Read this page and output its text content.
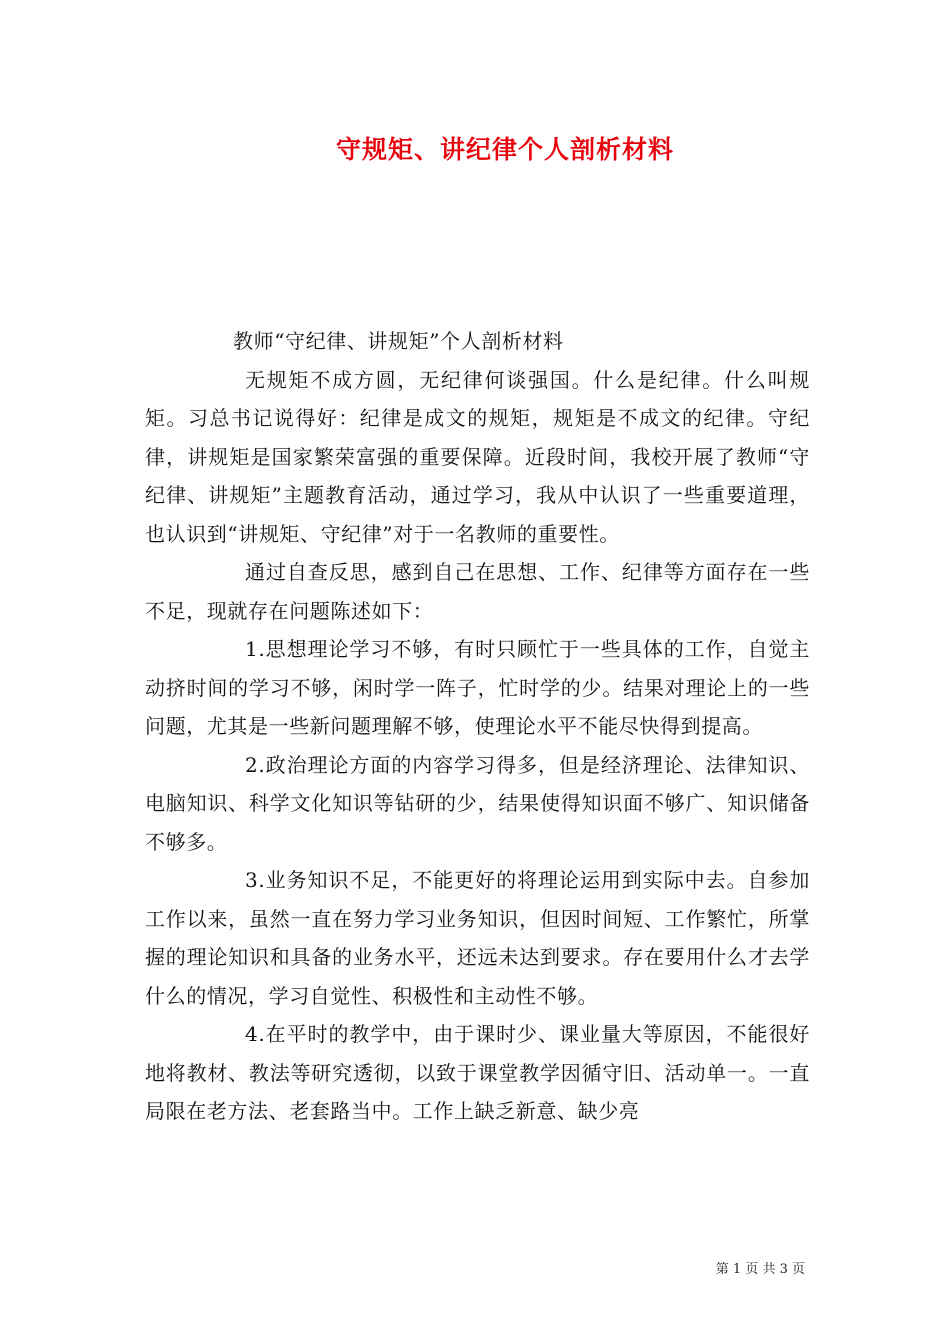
守规矩、讲纪律个人剖析材料

教师“守纪律、讲规矩”个人剖析材料

无规矩不成方圆，无纪律何谈强国。什么是纪律。什么叫规矩。习总书记说得好：纪律是成文的规矩，规矩是不成文的纪律。守纪律，讲规矩是国家繁荣富强的重要保障。近段时间，我校开展了教师“守纪律、讲规矩”主题教育活动，通过学习，我从中认识了一些重要道理，也认识到“讲规矩、守纪律”对于一名教师的重要性。

通过自查反思，感到自己在思想、工作、纪律等方面存在一些不足，现就存在问题陈述如下：

1.思想理论学习不够，有时只顾忙于一些具体的工作，自觉主动挤时间的学习不够，闲时学一阵子，忙时学的少。结果对理论上的一些问题，尤其是一些新问题理解不够，使理论水平不能尽快得到提高。

2.政治理论方面的内容学习得多，但是经济理论、法律知识、电脑知识、科学文化知识等钻研的少，结果使得知识面不够广、知识储备不够多。

3.业务知识不足，不能更好的将理论运用到实际中去。自参加工作以来，虽然一直在努力学习业务知识，但因时间短、工作繁忙，所掌握的理论知识和具备的业务水平，还远未达到要求。存在要用什么才去学什么的情况，学习自觉性、积极性和主动性不够。

4.在平时的教学中，由于课时少、课业量大等原因，不能很好地将教材、教法等研究透彻，以致于课堂教学因循守旧、活动单一。一直局限在老方法、老套路当中。工作上缺乏新意、缺少亮

第 1 页 共 3 页
